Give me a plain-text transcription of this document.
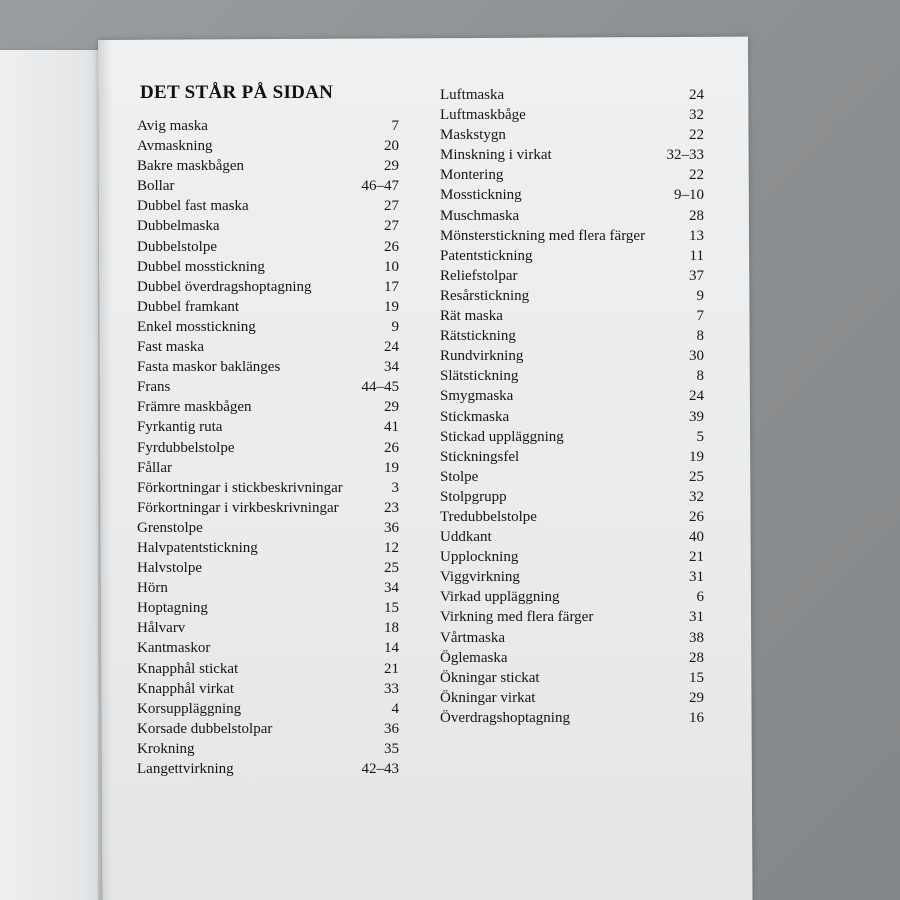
DET STÅR PÅ SIDAN
Avig maska	7
Avmaskning	20
Bakre maskbågen	29
Bollar	46–47
Dubbel fast maska	27
Dubbelmaska	27
Dubbelstolpe	26
Dubbel mosstickning	10
Dubbel överdragshoptagning	17
Dubbel framkant	19
Enkel mosstickning	9
Fast maska	24
Fasta maskor baklänges	34
Frans	44–45
Främre maskbågen	29
Fyrkantig ruta	41
Fyrdubbelstolpe	26
Fållar	19
Förkortningar i stickbeskrivningar	3
Förkortningar i virkbeskrivningar	23
Grenstolpe	36
Halvpatentstickning	12
Halvstolpe	25
Hörn	34
Hoptagning	15
Hålvarv	18
Kantmaskor	14
Knapphål stickat	21
Knapphål virkat	33
Korsuppläggning	4
Korsade dubbelstolpar	36
Krokning	35
Langettvirkning	42–43
Luftmaska	24
Luftmaskbåge	32
Maskstygn	22
Minskning i virkat	32–33
Montering	22
Mosstickning	9–10
Muschmaska	28
Mönsterstickning med flera färger	13
Patentstickning	11
Reliefstolpar	37
Resårstickning	9
Rät maska	7
Rätstickning	8
Rundvirkning	30
Slätstickning	8
Smygmaska	24
Stickmaska	39
Stickad uppläggning	5
Stickningsfel	19
Stolpe	25
Stolpgrupp	32
Tredubbelstolpe	26
Uddkant	40
Upplockning	21
Viggvirkning	31
Virkad uppläggning	6
Virkning med flera färger	31
Vårtmaska	38
Öglemaska	28
Ökningar stickat	15
Ökningar virkat	29
Överdragshoptagning	16
